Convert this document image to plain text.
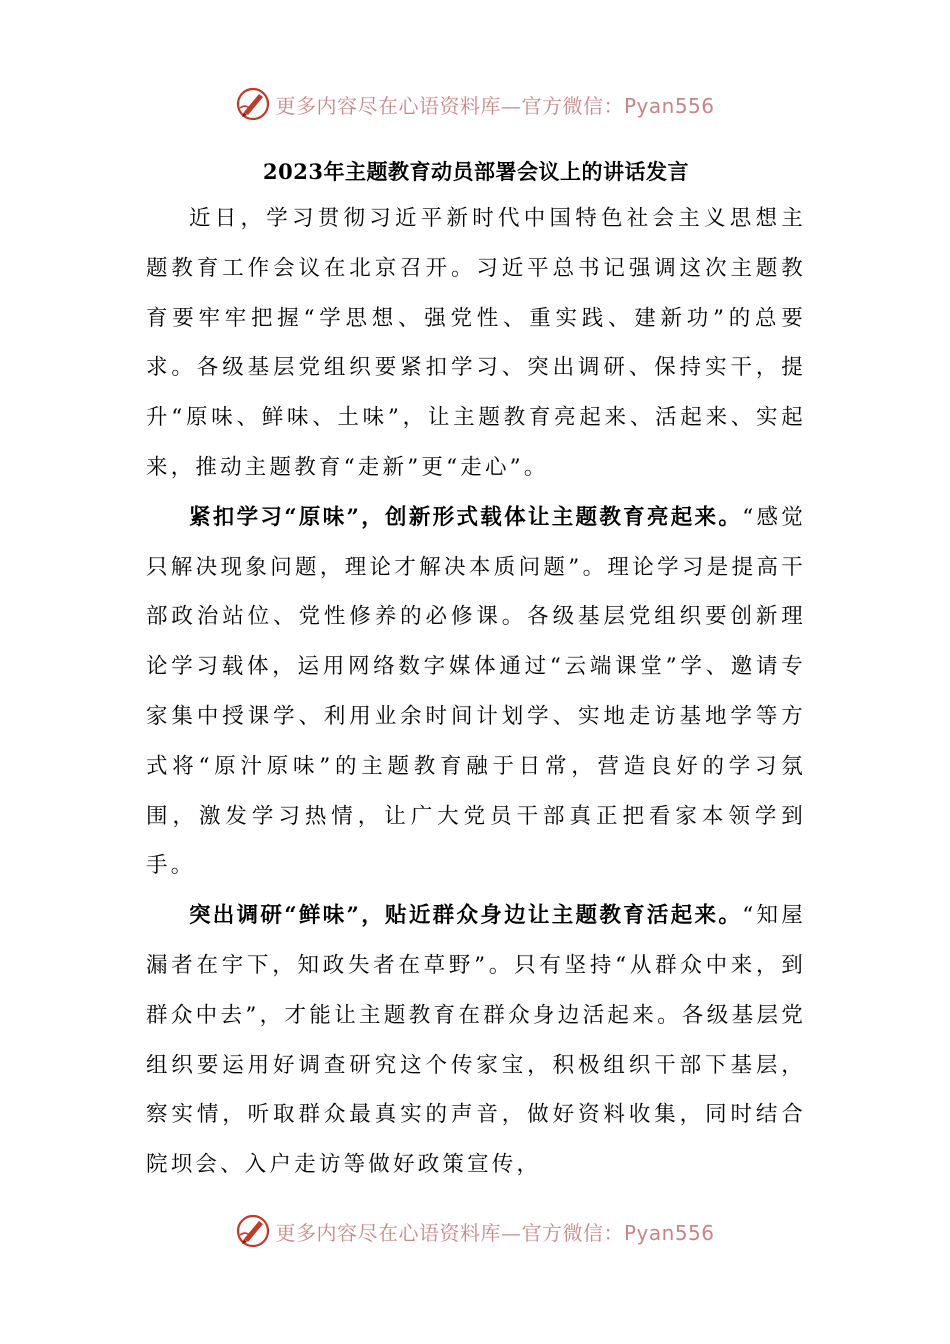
更多内容尽在心语资料库—官方微信：Pyan556
2023年主题教育动员部署会议上的讲话发言

近日，学习贯彻习近平新时代中国特色社会主义思想主题教育工作会议在北京召开。习近平总书记强调这次主题教育要牢牢把握“学思想、强党性、重实践、建新功”的总要求。各级基层党组织要紧扣学习、突出调研、保持实干，提升“原味、鲜味、土味”，让主题教育亮起来、活起来、实起来，推动主题教育“走新”更“走心”。

紧扣学习“原味”，创新形式载体让主题教育亮起来。“感觉只解决现象问题，理论才解决本质问题”。理论学习是提高干部政治站位、党性修养的必修课。各级基层党组织要创新理论学习载体，运用网络数字媒体通过“云端课堂”学、邀请专家集中授课学、利用业余时间计划学、实地走访基地学等方式将“原汁原味”的主题教育融于日常，营造良好的学习氛围，激发学习热情，让广大党员干部真正把看家本领学到手。

突出调研“鲜味”，贴近群众身边让主题教育活起来。“知屋漏者在宇下，知政失者在草野”。只有坚持“从群众中来，到群众中去”，才能让主题教育在群众身边活起来。各级基层党组织要运用好调查研究这个传家宝，积极组织干部下基层，察实情，听取群众最真实的声音，做好资料收集，同时结合院坝会、入户走访等做好政策宣传，

更多内容尽在心语资料库—官方微信：Pyan556
